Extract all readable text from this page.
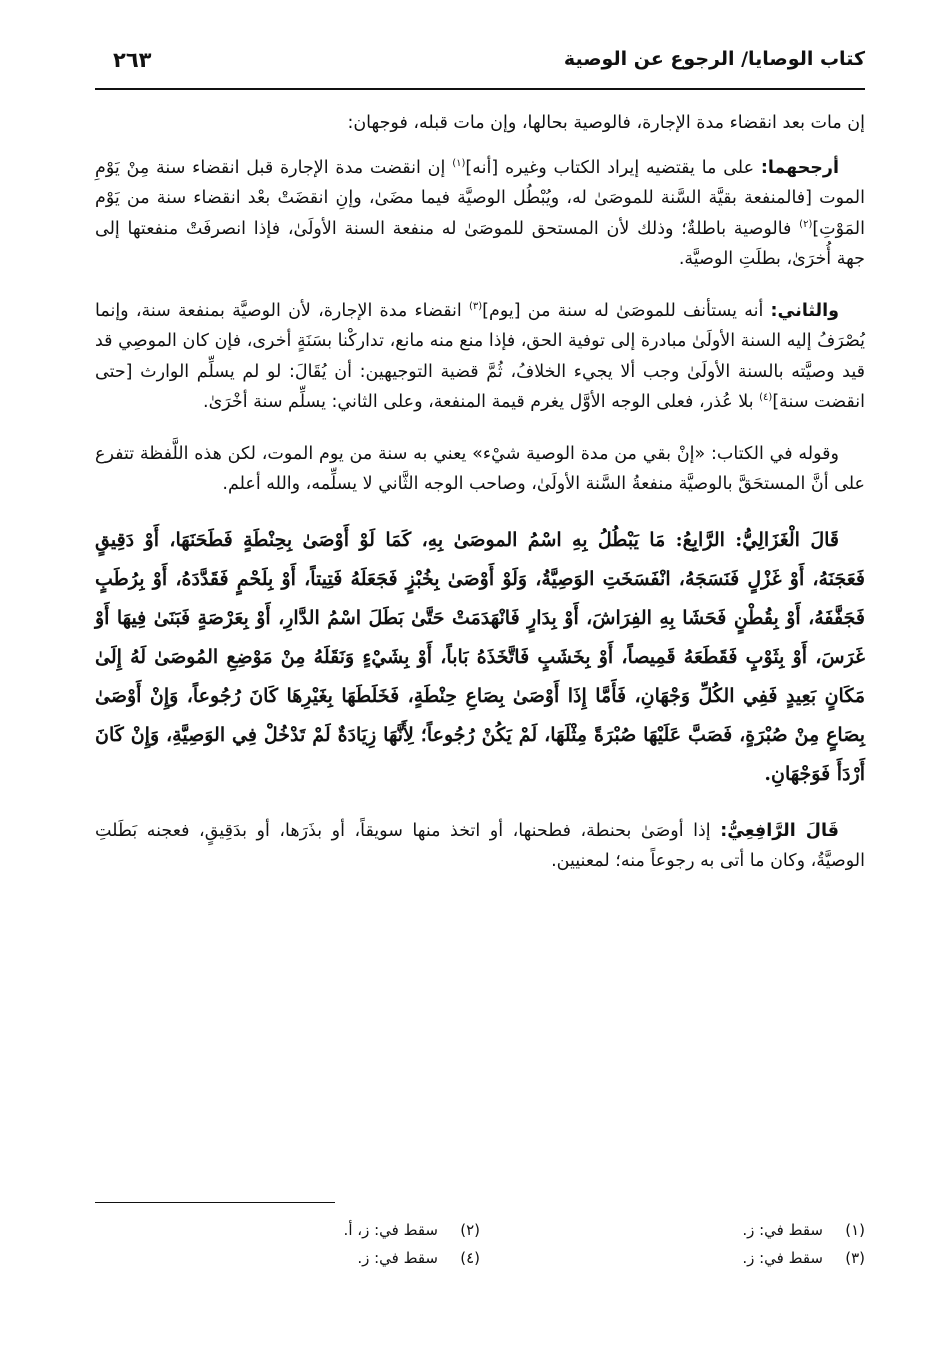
كتاب الوصايا/ الرجوع عن الوصية
٢٦٣

إن مات بعد انقضاء مدة الإجارة، فالوصية بحالها، وإن مات قبله، فوجهان:

أرجحهما: على ما يقتضيه إيراد الكتاب وغيره [أنه]$^{(١)}$ إن انقضت مدة الإجارة قبل انقضاء سنة مِنْ يَوْمِ الموت [فالمنفعة بقيَّة السَّنة للموصَىٰ له، ويُبْطُل الوصيَّة فيما مضَىٰ، وإنِ انقضَتْ بعْد انقضاء سنة من يَوْم المَوْتِ]$^{(٢)}$ فالوصية باطلةٌ؛ وذلك لأن المستحق للموصَىٰ له منفعة السنة الأولَىٰ، فإذا انصرفَتْ منفعتها إلى جهة أُخرَىٰ، بطلَتِ الوصيَّة.

والثاني: أنه يستأنف للموصَىٰ له سنة من [يوم]$^{(٣)}$ انقضاء مدة الإجارة، لأن الوصيَّة بمنفعة سنة، وإنما يُصْرَفُ إليه السنة الأولَىٰ مبادرة إلى توفية الحق، فإذا منع منه مانع، تداركْنا بسَنَةٍ أخرى، فإن كان الموصِي قد قيد وصيَّته بالسنة الأولَىٰ وجب ألا يجيء الخلافُ، ثُمَّ قضية التوجيهين: أن يُقَالَ: لو لم يسلِّم الوارث [حتى انقضت سنة]$^{(٤)}$ بلا عُذر، فعلى الوجه الأوَّل يغرم قيمة المنفعة، وعلى الثاني: يسلِّم سنة أخْرَىٰ.

وقوله في الكتاب: «إنْ بقي من مدة الوصية شيْء» يعني به سنة من يوم الموت، لكن هذه اللَّفظة تتفرع على أنَّ المستحَقَّ بالوصيَّة منفعةُ السَّنة الأولَىٰ، وصاحب الوجه الثَّاني لا يسلِّمه، والله أعلم.

قَالَ الْغَزَالِيُّ: الرَّابِعُ: مَا يَبْطُلُ بِهِ اسْمُ الموصَىٰ بِهِ، كَمَا لَوْ أَوْصَىٰ بِحِنْطَةٍ فَطَحَنَهَا، أَوْ دَقِيقٍ فَعَجَنَهُ، أَوْ غَزْلٍ فَنَسَجَهُ، انْفَسَخَتِ الوَصِيَّةُ، وَلَوْ أَوْصَىٰ بِخُبْزٍ فَجَعَلَهُ فَتِيتاً، أَوْ بِلَحْمٍ فَقَدَّدَهُ، أَوْ بِرُطَبٍ فَجَفَّفَهُ، أَوْ بِقُطْنٍ فَحَشَا بِهِ الفِرَاشَ، أَوْ بِدَارٍ فَانْهَدَمَتْ حَتَّىٰ بَطَلَ اسْمُ الدَّارِ، أَوْ بِعَرْصَةٍ فَبَنَىٰ فِيهَا أَوْ غَرَسَ، أَوْ بِثَوْبٍ فَقَطَعَهُ قَمِيصاً، أَوْ بِخَشَبٍ فَاتَّخَذَهُ بَاباً، أَوْ بِشَيْءٍ وَنَقَلَهُ مِنْ مَوْضِعِ المُوصَىٰ لَهُ إِلَىٰ مَكَانٍ بَعِيدٍ فَفِي الكُلِّ وَجْهَانِ، فَأَمَّا إِذَا أَوْصَىٰ بِصَاعِ حِنْطَةٍ، فَخَلَطَهَا بِغَيْرِهَا كَانَ رُجُوعاً، وَإِنْ أَوْصَىٰ بِصَاعٍ مِنْ صُبْرَةٍ، فَصَبَّ عَلَيْهَا صُبْرَةً مِثْلَهَا، لَمْ يَكُنْ رُجُوعاً؛ لِأَنَّهَا زِيَادَةٌ لَمْ تَدْخُلْ فِي الوَصِيَّةِ، وَإِنْ كَانَ أَرْدَأَ فَوَجْهَانِ.

قَالَ الرَّافِعِيُّ: إذا أوصَىٰ بحنطة، فطحنها، أو اتخذ منها سويقاً، أو بذَرَها، أو بدَقِيقٍ، فعجنه بَطَلتِ الوصيَّةُ، وكان ما أتى به رجوعاً منه؛ لمعنيين.

(١)
سقط في: ز.
(٢)
سقط في: ز، أ.
(٣)
سقط في: ز.
(٤)
سقط في: ز.
